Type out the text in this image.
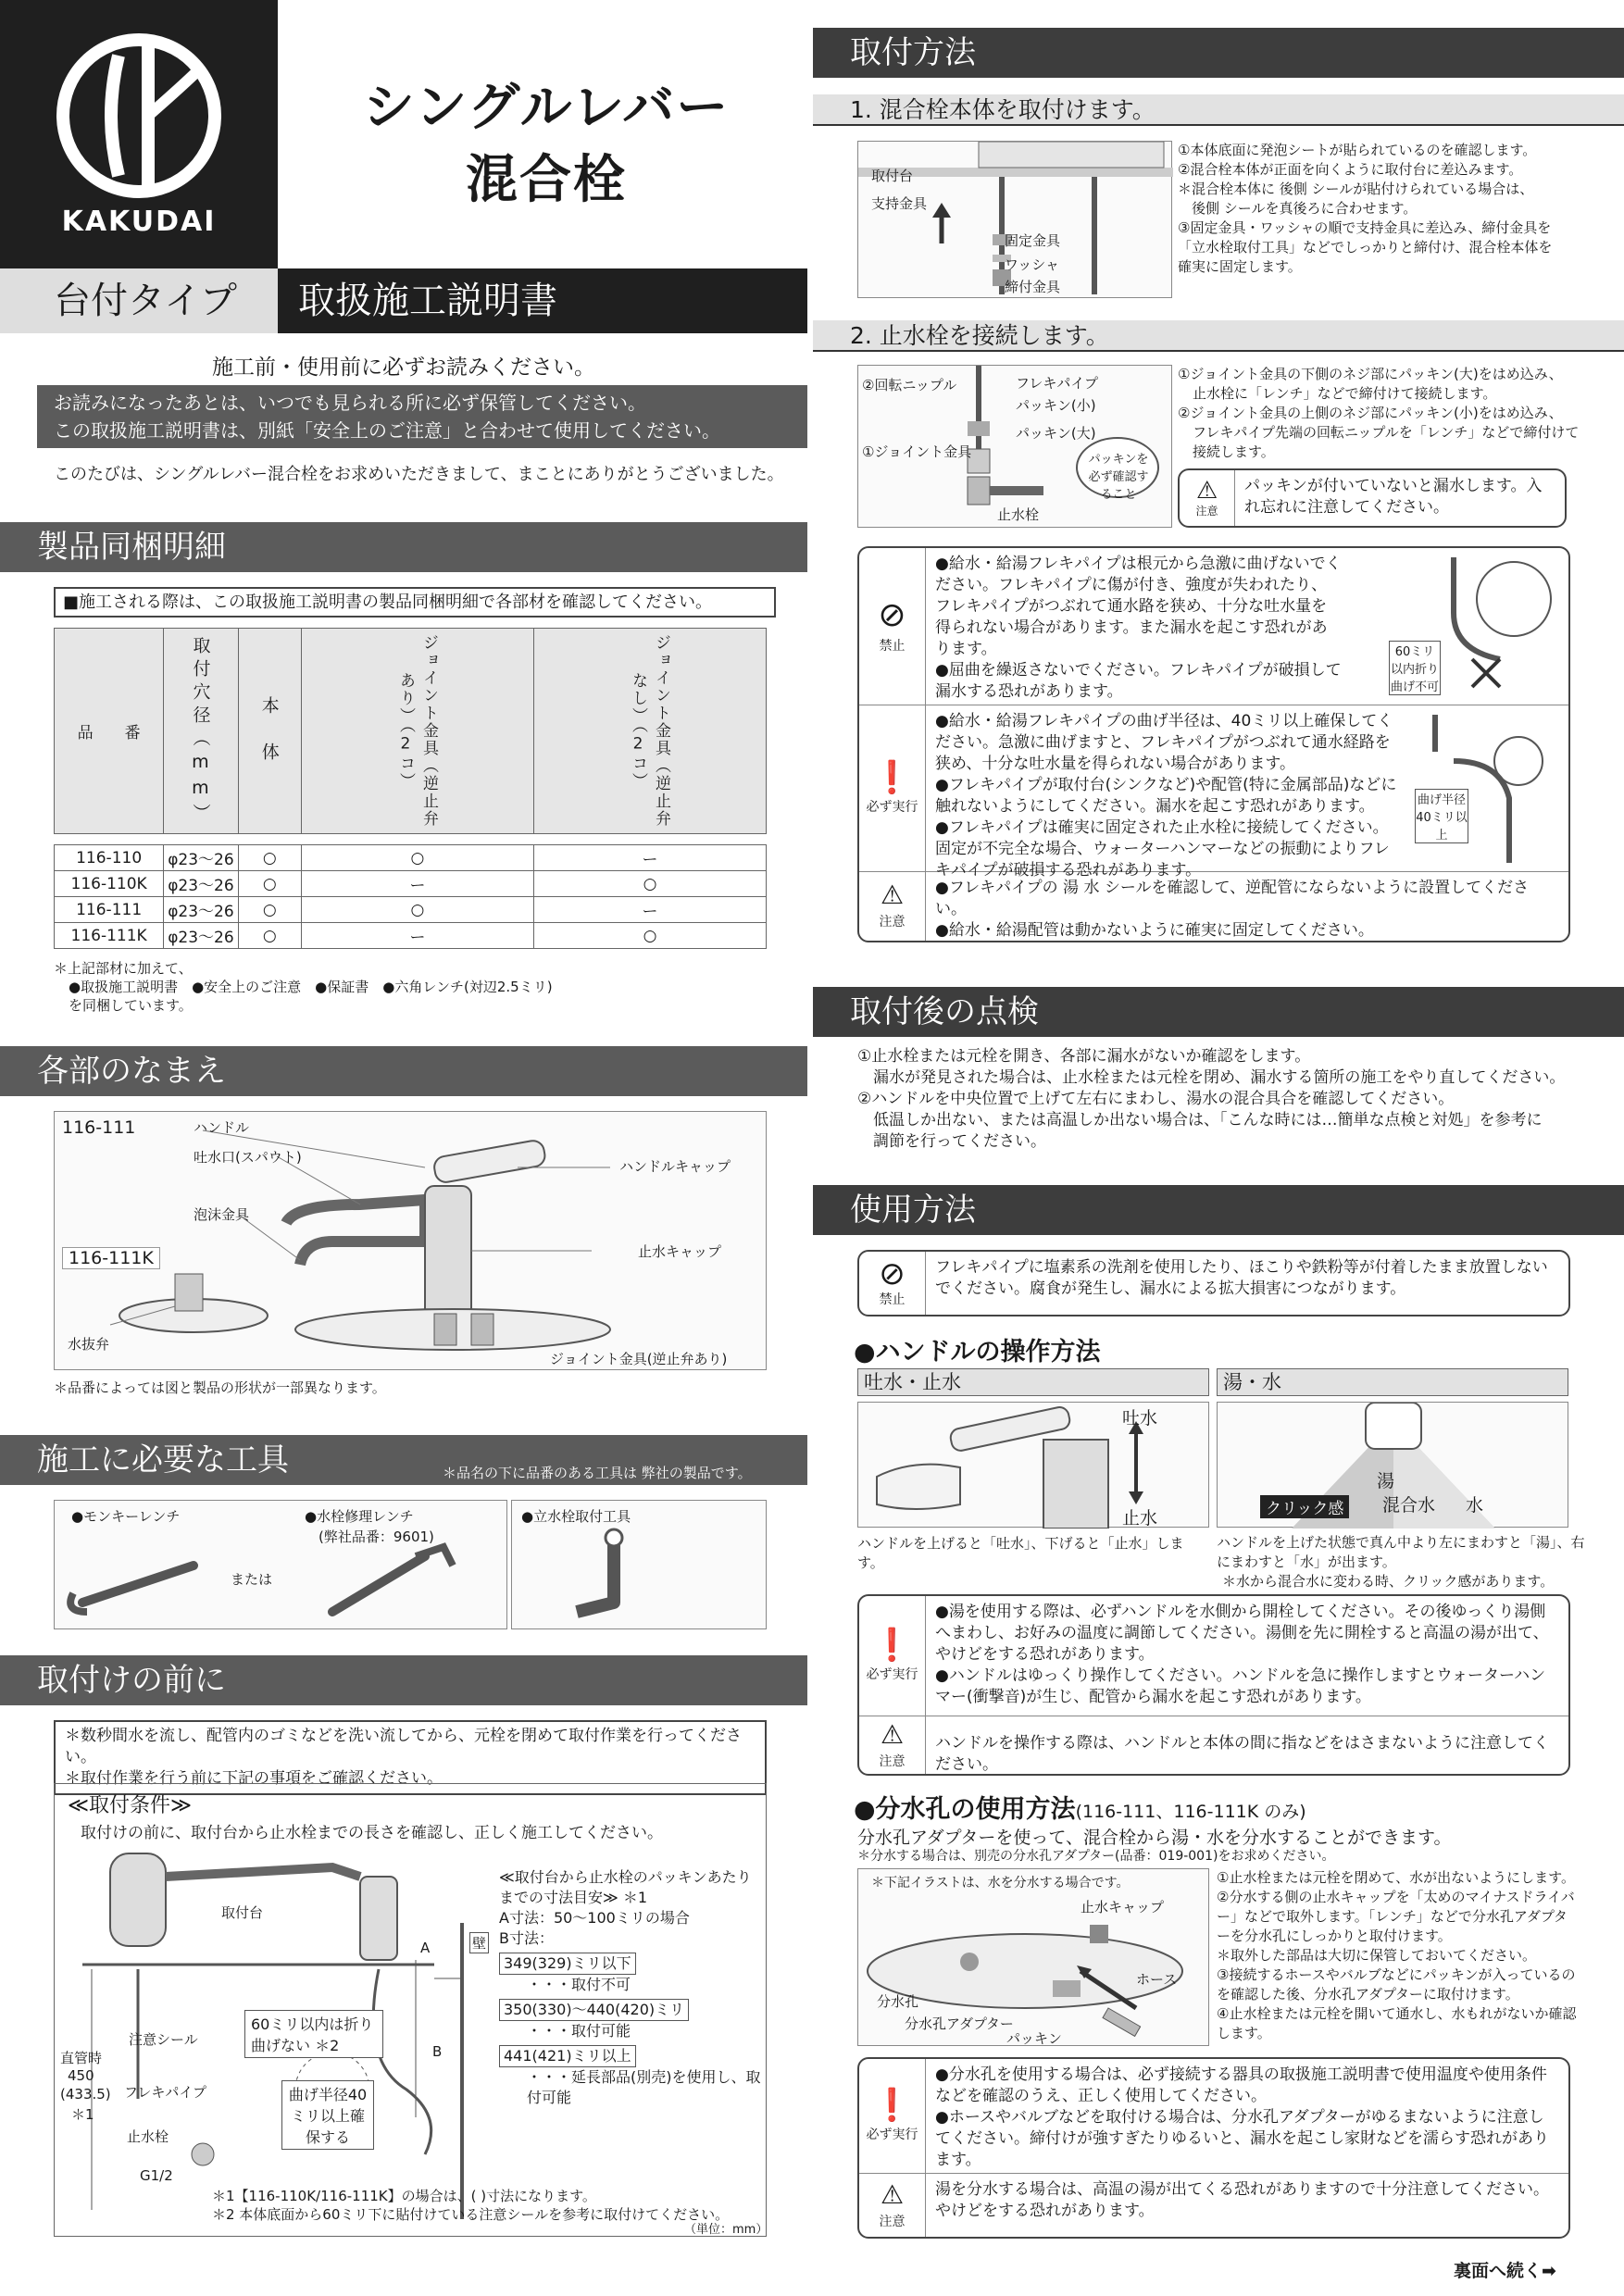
KAKUDAI
シングルレバー
混合栓
台付タイプ	取扱施工説明書
施工前・使用前に必ずお読みください。
お読みになったあとは、いつでも見られる所に必ず保管してください。
この取扱施工説明書は、別紙「安全上のご注意」と合わせて使用してください。
このたびは、シングルレバー混合栓をお求めいただきまして、まことにありがとうございました。
製品同梱明細
■施工される際は、この取扱施工説明書の製品同梱明細で各部材を確認してください。
品　　番	取付穴径（mm）	本　体	ジョイント金具（逆止弁あり）（2コ）	ジョイント金具（逆止弁なし）（2コ）

116-110	φ23～26	○	○	ー
116-110K	φ23～26	○	ー	○
116-111	φ23～26	○	○	ー
116-111K	φ23～26	○	ー	○
＊上記部材に加えて、
●取扱施工説明書　●安全上のご注意　●保証書　●六角レンチ(対辺2.5ミリ)
を同梱しています。
各部のなまえ
116-111
116-111K
ハンドル
吐水口(スパウト)
ハンドルキャップ
泡沫金具
止水キャップ
水抜弁
ジョイント金具(逆止弁あり)
＊品番によっては図と製品の形状が一部異なります。
施工に必要な工具	＊品名の下に品番のある工具は 弊社の製品です。
●モンキーレンチ	●水栓修理レンチ
(弊社品番：9601)
または
●立水栓取付工具
取付けの前に
＊数秒間水を流し、配管内のゴミなどを洗い流してから、元栓を閉めて取付作業を行ってください。
＊取付作業を行う前に下記の事項をご確認ください。
≪取付条件≫
取付けの前に、取付台から止水栓までの長さを確認し、正しく施工してください。
取付台
注意シール
フレキパイプ
止水栓
直管時
450
(433.5)
＊1
G1/2
壁
A
B
60ミリ以内は折り曲げない ＊2
曲げ半径40ミリ以上確保する
≪取付台から止水栓のパッキンあたりまでの寸法目安≫ ＊1
A寸法：50～100ミリの場合
B寸法：
349(329)ミリ以下
・・・取付不可
350(330)～440(420)ミリ
・・・取付可能
441(421)ミリ以上
・・・延長部品(別売)を使用し、取付可能
＊1【116-110K/116-111K】の場合は、( )寸法になります。
＊2 本体底面から60ミリ下に貼付けている注意シールを参考に取付けてください。
（単位：mm）
取付方法
1. 混合栓本体を取付けます。
取付台
支持金具
固定金具
ワッシャ
締付金具
①本体底面に発泡シートが貼られているのを確認します。
②混合栓本体が正面を向くように取付台に差込みます。
＊混合栓本体に 後側 シールが貼付けられている場合は、
　後側 シールを真後ろに合わせます。
③固定金具・ワッシャの順で支持金具に差込み、締付金具を
「立水栓取付工具」などでしっかりと締付け、混合栓本体を
確実に固定します。
2. 止水栓を接続します。
②回転ニップル	フレキパイプ
パッキン(小)
パッキン(大)
①ジョイント金具
止水栓
パッキンを必ず確認すること
①ジョイント金具の下側のネジ部にパッキン(大)をはめ込み、
止水栓に「レンチ」などで締付けて接続します。
②ジョイント金具の上側のネジ部にパッキン(小)をはめ込み、
フレキパイプ先端の回転ニップルを「レンチ」などで締付けて
接続します。
⚠
注意
パッキンが付いていないと漏水します。入れ忘れに注意してください。
⊘
禁止
●給水・給湯フレキパイプは根元から急激に曲げないでください。フレキパイプに傷が付き、強度が失われたり、フレキパイプがつぶれて通水路を狭め、十分な吐水量を得られない場合があります。また漏水を起こす恐れがあります。
●屈曲を繰返さないでください。フレキパイプが破損して漏水する恐れがあります。
60ミリ以内折り曲げ不可
❗
必ず実行
●給水・給湯フレキパイプの曲げ半径は、40ミリ以上確保してください。急激に曲げますと、フレキパイプがつぶれて通水経路を狭め、十分な吐水量を得られない場合があります。
●フレキパイプが取付台(シンクなど)や配管(特に金属部品)などに触れないようにしてください。漏水を起こす恐れがあります。
●フレキパイプは確実に固定された止水栓に接続してください。固定が不完全な場合、ウォーターハンマーなどの振動によりフレキパイプが破損する恐れがあります。
曲げ半径40ミリ以上
⚠
注意
●フレキパイプの 湯 水 シールを確認して、逆配管にならないように設置してください。
●給水・給湯配管は動かないように確実に固定してください。
取付後の点検
①止水栓または元栓を開き、各部に漏水がないか確認をします。
　漏水が発見された場合は、止水栓または元栓を閉め、漏水する箇所の施工をやり直してください。
②ハンドルを中央位置で上げて左右にまわし、湯水の混合具合を確認してください。
　低温しか出ない、または高温しか出ない場合は、「こんな時には…簡単な点検と対処」を参考に
　調節を行ってください。
使用方法
⊘
禁止
フレキパイプに塩素系の洗剤を使用したり、ほこりや鉄粉等が付着したまま放置しないでください。腐食が発生し、漏水による拡大損害につながります。
●ハンドルの操作方法
吐水・止水	湯・水
吐水
止水
湯
混合水 水
クリック感
ハンドルを上げると「吐水」、下げると「止水」します。
ハンドルを上げた状態で真ん中より左にまわすと「湯」、右にまわすと「水」が出ます。
＊水から混合水に変わる時、クリック感があります。
❗
必ず実行
●湯を使用する際は、必ずハンドルを水側から開栓してください。その後ゆっくり湯側へまわし、お好みの温度に調節してください。湯側を先に開栓すると高温の湯が出て、やけどをする恐れがあります。
●ハンドルはゆっくり操作してください。ハンドルを急に操作しますとウォーターハンマー(衝撃音)が生じ、配管から漏水を起こす恐れがあります。
⚠
注意
ハンドルを操作する際は、ハンドルと本体の間に指などをはさまないように注意してください。
●分水孔の使用方法(116-111、116-111K のみ)
分水孔アダプターを使って、混合栓から湯・水を分水することができます。
＊分水する場合は、別売の分水孔アダプター(品番：019-001)をお求めください。
＊下記イラストは、水を分水する場合です。
止水キャップ
ホース
分水孔
分水孔アダプター
パッキン
①止水栓または元栓を閉めて、水が出ないようにします。
②分水する側の止水キャップを「太めのマイナスドライバー」などで取外します。「レンチ」などで分水孔アダプターを分水孔にしっかりと取付けます。
＊取外した部品は大切に保管しておいてください。
③接続するホースやバルブなどにパッキンが入っているのを確認した後、分水孔アダプターに取付けます。
④止水栓または元栓を開いて通水し、水もれがないか確認します。
❗
必ず実行
●分水孔を使用する場合は、必ず接続する器具の取扱施工説明書で使用温度や使用条件などを確認のうえ、正しく使用してください。
●ホースやバルブなどを取付ける場合は、分水孔アダプターがゆるまないように注意してください。締付けが強すぎたりゆるいと、漏水を起こし家財などを濡らす恐れがあります。
⚠
注意
湯を分水する場合は、高温の湯が出てくる恐れがありますので十分注意してください。やけどをする恐れがあります。
裏面へ続く➡
